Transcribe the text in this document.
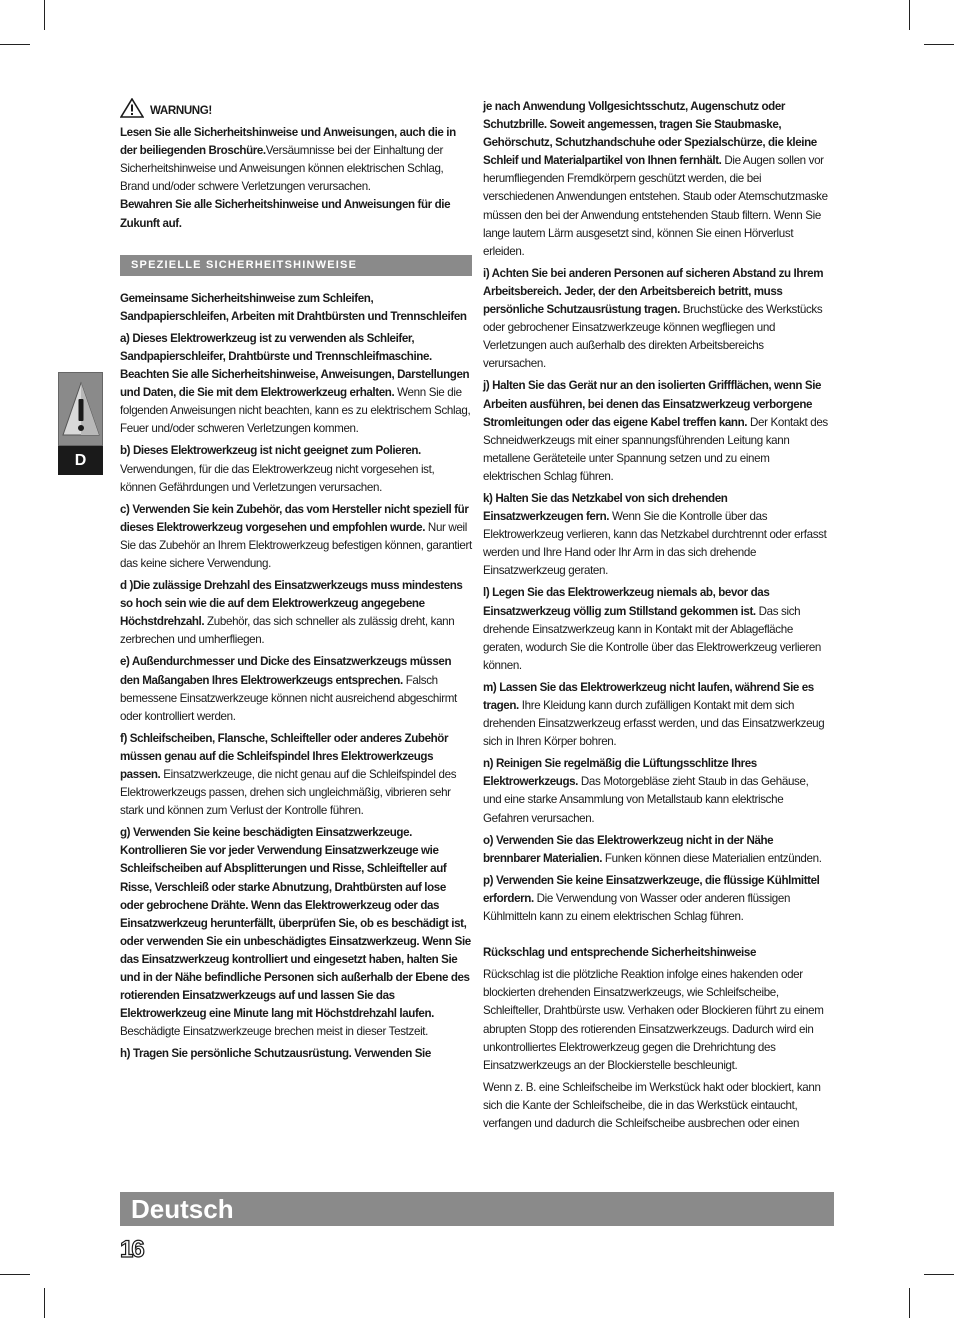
D
WARNUNG!

Lesen Sie alle Sicherheitshinweise und Anweisungen, auch die in der beiliegenden Broschüre.Versäumnisse bei der Einhaltung der Sicherheitshinweise und Anweisungen können elektrischen Schlag, Brand und/oder schwere Verletzungen verursachen.
Bewahren Sie alle Sicherheitshinweise und Anweisungen für die Zukunft auf.

SPEZIELLE SICHERHEITSHINWEISE

Gemeinsame Sicherheitshinweise zum Schleifen, Sandpapierschleifen, Arbeiten mit Drahtbürsten und Trennschleifen

a) Dieses Elektrowerkzeug ist zu verwenden als Schleifer, Sandpapierschleifer, Drahtbürste und Trennschleifmaschine. Beachten Sie alle Sicherheitshinweise, Anweisungen, Darstellungen und Daten, die Sie mit dem Elektrowerkzeug erhalten. Wenn Sie die folgenden Anweisungen nicht beachten, kann es zu elektrischem Schlag, Feuer und/oder schweren Verletzungen kommen.

b) Dieses Elektrowerkzeug ist nicht geeignet zum Polieren. Verwendungen, für die das Elektrowerkzeug nicht vorgesehen ist, können Gefährdungen und Verletzungen verursachen.

c) Verwenden Sie kein Zubehör, das vom Hersteller nicht speziell für dieses Elektrowerkzeug vorgesehen und empfohlen wurde. Nur weil Sie das Zubehör an Ihrem Elektrowerkzeug befestigen können, garantiert das keine sichere Verwendung.

d )Die zulässige Drehzahl des Einsatzwerkzeugs muss mindestens so hoch sein wie die auf dem Elektrowerkzeug angegebene Höchstdrehzahl. Zubehör, das sich schneller als zulässig dreht, kann zerbrechen und umherfliegen.

e) Außendurchmesser und Dicke des Einsatzwerkzeugs müssen den Maßangaben Ihres Elektrowerkzeugs entsprechen. Falsch bemessene Einsatzwerkzeuge können nicht ausreichend abgeschirmt oder kontrolliert werden.

f) Schleifscheiben, Flansche, Schleifteller oder anderes Zubehör müssen genau auf die Schleifspindel Ihres Elektrowerkzeugs passen. Einsatzwerkzeuge, die nicht genau auf die Schleifspindel des Elektrowerkzeugs passen, drehen sich ungleichmäßig, vibrieren sehr stark und können zum Verlust der Kontrolle führen.

g) Verwenden Sie keine beschädigten Einsatzwerkzeuge. Kontrollieren Sie vor jeder Verwendung Einsatzwerkzeuge wie Schleifscheiben auf Absplitterungen und Risse, Schleifteller auf Risse, Verschleiß oder starke Abnutzung, Drahtbürsten auf lose oder gebrochene Drähte. Wenn das Elektrowerkzeug oder das Einsatzwerkzeug herunterfällt, überprüfen Sie, ob es beschädigt ist, oder verwenden Sie ein unbeschädigtes Einsatzwerkzeug. Wenn Sie das Einsatzwerkzeug kontrolliert und eingesetzt haben, halten Sie und in der Nähe befindliche Personen sich außerhalb der Ebene des rotierenden Einsatzwerkzeugs auf und lassen Sie das Elektrowerkzeug eine Minute lang mit Höchstdrehzahl laufen. Beschädigte Einsatzwerkzeuge brechen meist in dieser Testzeit.

h) Tragen Sie persönliche Schutzausrüstung. Verwenden Sie

je nach Anwendung Vollgesichtsschutz, Augenschutz oder Schutzbrille. Soweit angemessen, tragen Sie Staubmaske, Gehörschutz, Schutzhandschuhe oder Spezialschürze, die kleine Schleif und Materialpartikel von Ihnen fernhält. Die Augen sollen vor herumfliegenden Fremdkörpern geschützt werden, die bei verschiedenen Anwendungen entstehen. Staub oder Atemschutzmaske müssen den bei der Anwendung entstehenden Staub filtern. Wenn Sie lange lautem Lärm ausgesetzt sind, können Sie einen Hörverlust erleiden.

i) Achten Sie bei anderen Personen auf sicheren Abstand zu Ihrem Arbeitsbereich. Jeder, der den Arbeitsbereich betritt, muss persönliche Schutzausrüstung tragen. Bruchstücke des Werkstücks oder gebrochener Einsatzwerkzeuge können wegfliegen und Verletzungen auch außerhalb des direkten Arbeitsbereichs verursachen.

j) Halten Sie das Gerät nur an den isolierten Griffflächen, wenn Sie Arbeiten ausführen, bei denen das Einsatzwerkzeug verborgene Stromleitungen oder das eigene Kabel treffen kann. Der Kontakt des Schneidwerkzeugs mit einer spannungsführenden Leitung kann metallene Geräteteile unter Spannung setzen und zu einem elektrischen Schlag führen.

k) Halten Sie das Netzkabel von sich drehenden Einsatzwerkzeugen fern. Wenn Sie die Kontrolle über das Elektrowerkzeug verlieren, kann das Netzkabel durchtrennt oder erfasst werden und Ihre Hand oder Ihr Arm in das sich drehende Einsatzwerkzeug geraten.

l) Legen Sie das Elektrowerkzeug niemals ab, bevor das Einsatzwerkzeug völlig zum Stillstand gekommen ist. Das sich drehende Einsatzwerkzeug kann in Kontakt mit der Ablagefläche geraten, wodurch Sie die Kontrolle über das Elektrowerkzeug verlieren können.

m) Lassen Sie das Elektrowerkzeug nicht laufen, während Sie es tragen. Ihre Kleidung kann durch zufälligen Kontakt mit dem sich drehenden Einsatzwerkzeug erfasst werden, und das Einsatzwerkzeug sich in Ihren Körper bohren.

n) Reinigen Sie regelmäßig die Lüftungsschlitze Ihres Elektrowerkzeugs. Das Motorgebläse zieht Staub in das Gehäuse, und eine starke Ansammlung von Metallstaub kann elektrische Gefahren verursachen.

o) Verwenden Sie das Elektrowerkzeug nicht in der Nähe brennbarer Materialien. Funken können diese Materialien entzünden.

p) Verwenden Sie keine Einsatzwerkzeuge, die flüssige Kühlmittel erfordern. Die Verwendung von Wasser oder anderen flüssigen Kühlmitteln kann zu einem elektrischen Schlag führen.

Rückschlag und entsprechende Sicherheitshinweise

Rückschlag ist die plötzliche Reaktion infolge eines hakenden oder blockierten drehenden Einsatzwerkzeugs, wie Schleifscheibe, Schleifteller, Drahtbürste usw. Verhaken oder Blockieren führt zu einem abrupten Stopp des rotierenden Einsatzwerkzeugs. Dadurch wird ein unkontrolliertes Elektrowerkzeug gegen die Drehrichtung des Einsatzwerkzeugs an der Blockierstelle beschleunigt.

Wenn z. B. eine Schleifscheibe im Werkstück hakt oder blockiert, kann sich die Kante der Schleifscheibe, die in das Werkstück eintaucht, verfangen und dadurch die Schleifscheibe ausbrechen oder einen

Deutsch
16
